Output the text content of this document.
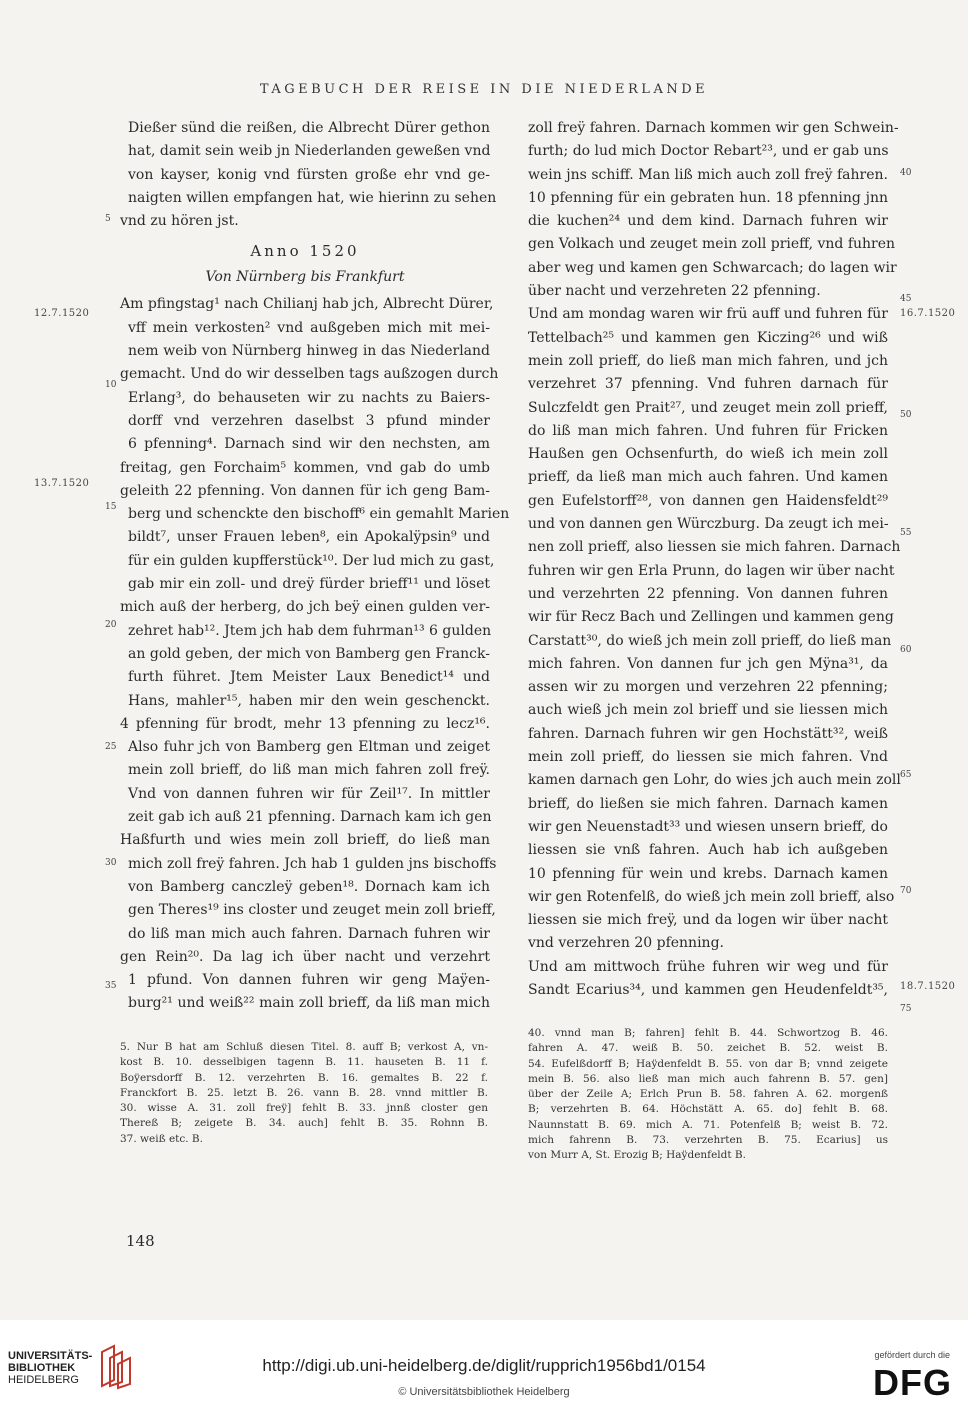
TAGEBUCH DER REISE IN DIE NIEDERLANDE
Dießer sünd die reißen, die Albrecht Dürer gethon
hat, damit sein weib jn Niederlanden geweßen vnd
von kayser, konig vnd fürsten große ehr vnd ge-
naigten willen empfangen hat, wie hierinn zu sehen
vnd zu hören jst.
Anno 1520
Von Nürnberg bis Frankfurt
Am pfingstag¹ nach Chilianj hab jch, Albrecht Dürer,
vff mein verkosten² vnd außgeben mich mit mei-
nem weib von Nürnberg hinweg in das Niederland
gemacht. Und do wir desselben tags außzogen durch
Erlang³, do behauseten wir zu nachts zu Baiers-
dorff vnd verzehren daselbst 3 pfund minder
6 pfenning⁴. Darnach sind wir den nechsten, am
freitag, gen Forchaim⁵ kommen, vnd gab do umb
geleith 22 pfenning. Von dannen für ich geng Bam-
berg und schenckte den bischoff⁶ ein gemahlt Marien
bildt⁷, unser Frauen leben⁸, ein Apokalÿpsin⁹ und
für ein gulden kupfferstück¹⁰. Der lud mich zu gast,
gab mir ein zoll- und dreÿ fürder brieff¹¹ und löset
mich auß der herberg, do jch beÿ einen gulden ver-
zehret hab¹². Jtem jch hab dem fuhrman¹³ 6 gulden
an gold geben, der mich von Bamberg gen Franck-
furth führet. Jtem Meister Laux Benedict¹⁴ und
Hans, mahler¹⁵, haben mir den wein geschenckt.
4 pfenning für brodt, mehr 13 pfenning zu lecz¹⁶.
Also fuhr jch von Bamberg gen Eltman und zeiget
mein zoll brieff, do liß man mich fahren zoll freÿ.
Vnd von dannen fuhren wir für Zeil¹⁷. In mittler
zeit gab ich auß 21 pfenning. Darnach kam ich gen
Haßfurth und wies mein zoll brieff, do ließ man
mich zoll freÿ fahren. Jch hab 1 gulden jns bischoffs
von Bamberg canczleÿ geben¹⁸. Dornach kam ich
gen Theres¹⁹ ins closter und zeuget mein zoll brieff,
do liß man mich auch fahren. Darnach fuhren wir
gen Rein²⁰. Da lag ich über nacht und verzehrt
1 pfund. Von dannen fuhren wir geng Maÿen-
burg²¹ und weiß²² main zoll brieff, da liß man mich
zoll freÿ fahren. Darnach kommen wir gen Schwein-
furth; do lud mich Doctor Rebart²³, und er gab uns
wein jns schiff. Man liß mich auch zoll freÿ fahren.
10 pfenning für ein gebraten hun. 18 pfenning jnn
die kuchen²⁴ und dem kind. Darnach fuhren wir
gen Volkach und zeuget mein zoll prieff, vnd fuhren
aber weg und kamen gen Schwarcach; do lagen wir
über nacht und verzehreten 22 pfenning.
Und am mondag waren wir frü auff und fuhren für
Tettelbach²⁵ und kammen gen Kiczing²⁶ und wiß
mein zoll prieff, do ließ man mich fahren, und jch
verzehret 37 pfenning. Vnd fuhren darnach für
Sulczfeldt gen Prait²⁷, und zeuget mein zoll prieff,
do liß man mich fahren. Und fuhren für Fricken
Haußen gen Ochsenfurth, do wieß ich mein zoll
prieff, da ließ man mich auch fahren. Und kamen
gen Eufelstorff²⁸, von dannen gen Haidensfeldt²⁹
und von dannen gen Würczburg. Da zeugt ich mei-
nen zoll prieff, also liessen sie mich fahren. Darnach
fuhren wir gen Erla Prunn, do lagen wir über nacht
und verzehrten 22 pfenning. Von dannen fuhren
wir für Recz Bach und Zellingen und kammen geng
Carstatt³⁰, do wieß jch mein zoll prieff, do ließ man
mich fahren. Von dannen fur jch gen Mÿna³¹, da
assen wir zu morgen und verzehren 22 pfenning;
auch wieß jch mein zol brieff und sie liessen mich
fahren. Darnach fuhren wir gen Hochstätt³², weiß
mein zoll prieff, do liessen sie mich fahren. Vnd
kamen darnach gen Lohr, do wies jch auch mein zoll
brieff, do ließen sie mich fahren. Darnach kamen
wir gen Neuenstadt³³ und wiesen unsern brieff, do
liessen sie vnß fahren. Auch hab ich außgeben
10 pfenning für wein und krebs. Darnach kamen
wir gen Rotenfelß, do wieß jch mein zoll brieff, also
liessen sie mich freÿ, und da logen wir über nacht
vnd verzehren 20 pfenning.
Und am mittwoch frühe fuhren wir weg und für
Sandt Ecarius³⁴, und kammen gen Heudenfeldt³⁵,
5
10
15
20
25
30
35
40
45
50
55
60
65
70
75
12.7.1520
13.7.1520
16.7.1520
18.7.1520
5. Nur B hat am Schluß diesen Titel. 8. auff B; verkost A, vn-
kost B. 10. desselbigen tagenn B. 11. hauseten B. 11 f.
Boÿersdorff B. 12. verzehrten B. 16. gemaltes B. 22 f.
Franckfort B. 25. letzt B. 26. vann B. 28. vnnd mittler B.
30. wisse A. 31. zoll freÿ] fehlt B. 33. jnnß closter gen
Thereß B; zeigete B. 34. auch] fehlt B. 35. Rohnn B.
37. weiß etc. B.
40. vnnd man B; fahren] fehlt B. 44. Schwortzog B. 46.
fahren A. 47. weiß B. 50. zeichet B. 52. weist B.
54. Eufelßdorff B; Haÿdenfeldt B. 55. von dar B; vnnd zeigete
mein B. 56. also ließ man mich auch fahrenn B. 57. gen]
über der Zeile A; Erlch Prun B. 58. fahren A. 62. morgenß
B; verzehrten B. 64. Höchstätt A. 65. do] fehlt B. 68.
Naunnstatt B. 69. mich A. 71. Potenfelß B; weist B. 72.
mich fahrenn B. 73. verzehrten B. 75. Ecarius] us
von Murr A, St. Erozig B; Haÿdenfeldt B.
148
UNIVERSITÄTS-
BIBLIOTHEK
HEIDELBERG
http://digi.ub.uni-heidelberg.de/diglit/rupprich1956bd1/0154
© Universitätsbibliothek Heidelberg
gefördert durch die
DFG
